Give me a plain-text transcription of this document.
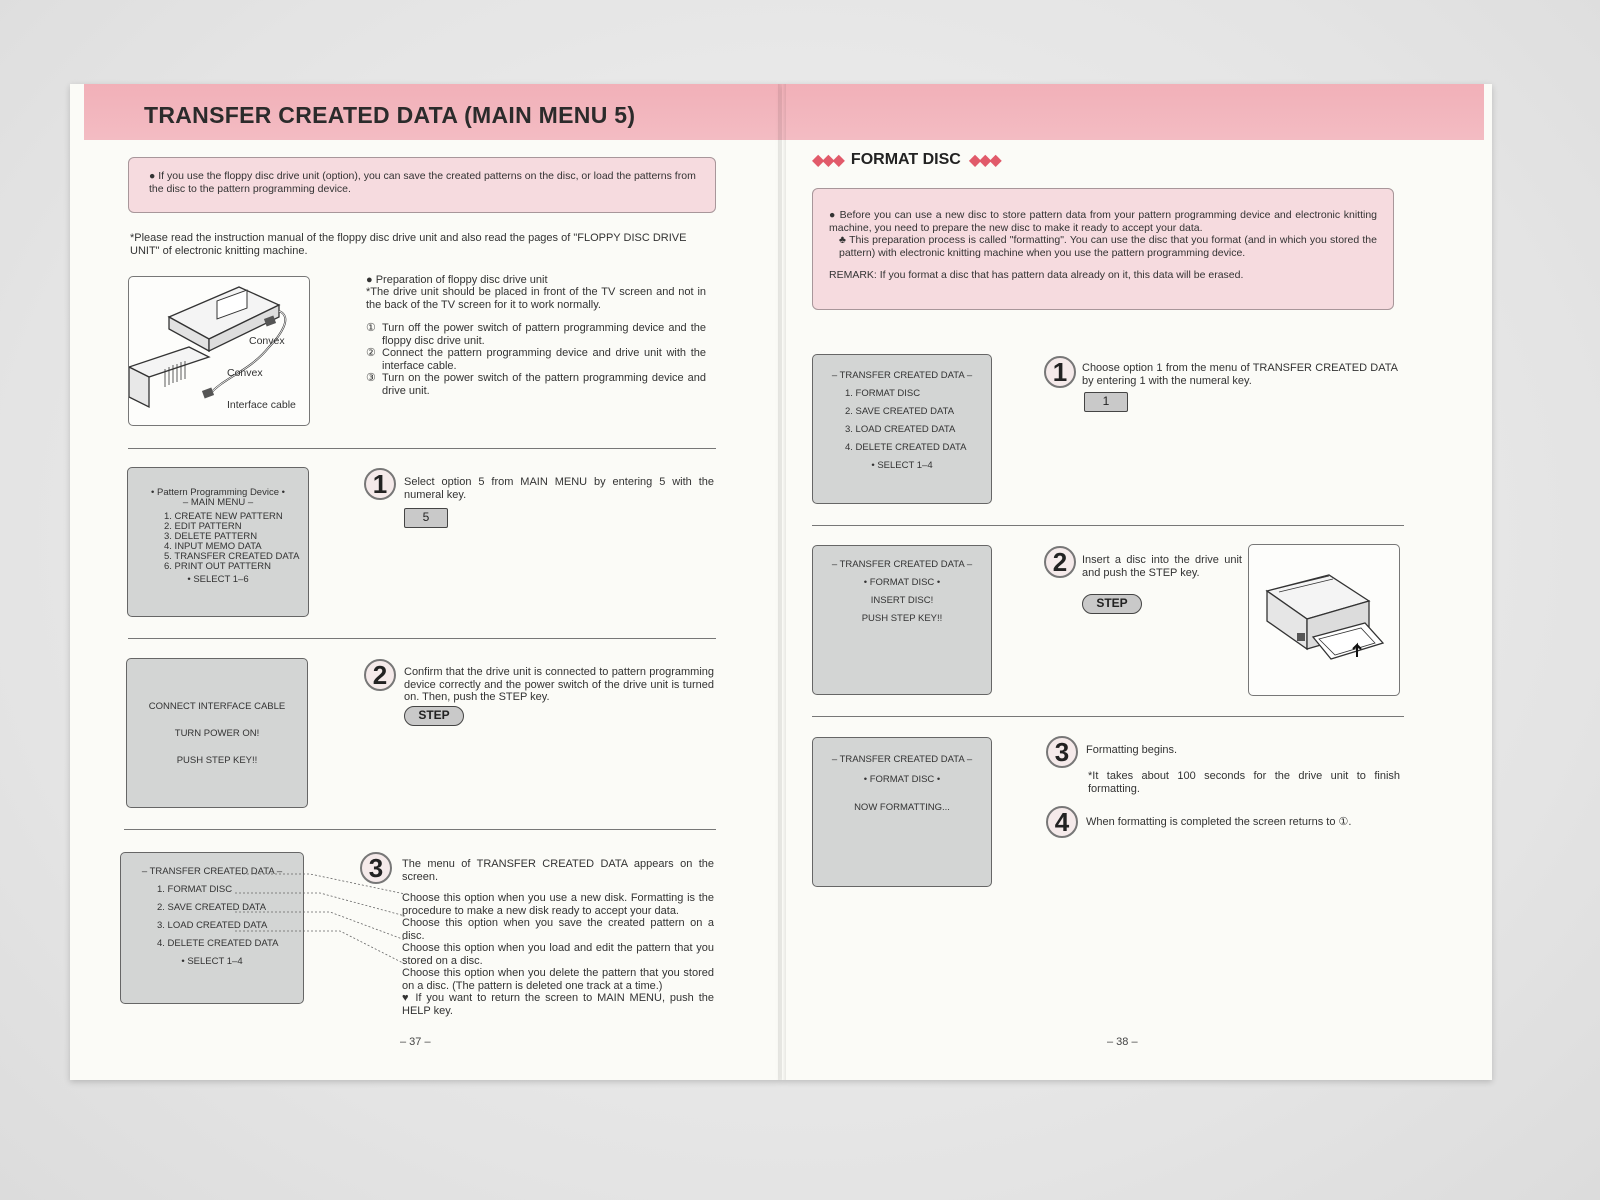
TRANSFER CREATED DATA (MAIN MENU 5)
● If you use the floppy disc drive unit (option), you can save the created patterns on the disc, or load the patterns from the disc to the pattern programming device.
*Please read the instruction manual of the floppy disc drive unit and also read the pages of "FLOPPY DISC DRIVE UNIT" of electronic knitting machine.
Convex
Convex
Interface cable
● Preparation of floppy disc drive unit
*The drive unit should be placed in front of the TV screen and not in the back of the TV screen for it to work normally.
① Turn off the power switch of pattern programming device and the floppy disc drive unit.
② Connect the pattern programming device and drive unit with the interface cable.
③ Turn on the power switch of the pattern programming device and drive unit.
• Pattern Programming Device •
– MAIN MENU –
1. CREATE NEW PATTERN
2. EDIT PATTERN
3. DELETE PATTERN
4. INPUT MEMO DATA
5. TRANSFER CREATED DATA
6. PRINT OUT PATTERN
• SELECT 1–6
1	Select option 5 from MAIN MENU by entering 5 with the numeral key.
5
CONNECT INTERFACE CABLE
TURN POWER ON!
PUSH STEP KEY!!
2	Confirm that the drive unit is connected to pattern programming device correctly and the power switch of the drive unit is turned on. Then, push the STEP key.
STEP
– TRANSFER CREATED DATA –
1. FORMAT DISC
2. SAVE CREATED DATA
3. LOAD CREATED DATA
4. DELETE CREATED DATA
• SELECT 1–4
3	The menu of TRANSFER CREATED DATA appears on the screen.
Choose this option when you use a new disk. Formatting is the procedure to make a new disk ready to accept your data.
Choose this option when you save the created pattern on a disc.
Choose this option when you load and edit the pattern that you stored on a disc.
Choose this option when you delete the pattern that you stored on a disc. (The pattern is deleted one track at a time.)
♥ If you want to return the screen to MAIN MENU, push the HELP key.
– 37 –
◆◆◆ FORMAT DISC ◆◆◆
● Before you can use a new disc to store pattern data from your pattern programming device and electronic knitting machine, you need to prepare the new disc to make it ready to accept your data.
♣ This preparation process is called "formatting". You can use the disc that you format (and in which you stored the pattern) with electronic knitting machine when you use the pattern programming device.
REMARK: If you format a disc that has pattern data already on it, this data will be erased.
– TRANSFER CREATED DATA –
1. FORMAT DISC
2. SAVE CREATED DATA
3. LOAD CREATED DATA
4. DELETE CREATED DATA
• SELECT 1–4
1	Choose option 1 from the menu of TRANSFER CREATED DATA by entering 1 with the numeral key.
1
– TRANSFER CREATED DATA –
• FORMAT DISC •
INSERT DISC!
PUSH STEP KEY!!
2	Insert a disc into the drive unit and push the STEP key.
STEP
– TRANSFER CREATED DATA –
• FORMAT DISC •
NOW FORMATTING...
3	Formatting begins.
*It takes about 100 seconds for the drive unit to finish formatting.
4	When formatting is completed the screen returns to ①.
– 38 –
